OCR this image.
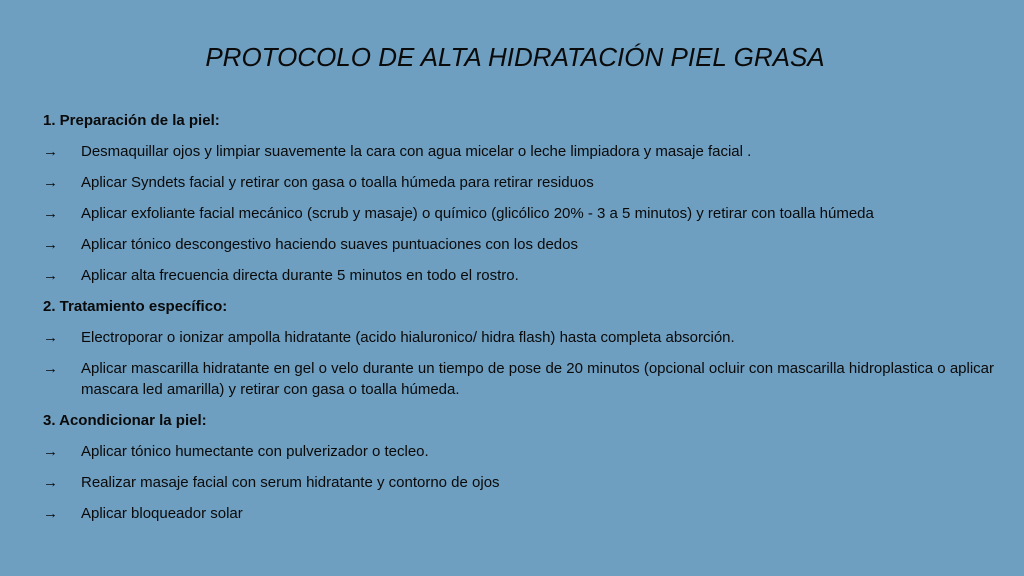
PROTOCOLO DE ALTA HIDRATACIÓN PIEL GRASA
1. Preparación de la piel:
→	Desmaquillar ojos y limpiar suavemente la cara con agua micelar o leche limpiadora y masaje facial .
→	Aplicar Syndets facial y retirar con gasa o toalla húmeda para retirar residuos
→	Aplicar exfoliante facial mecánico (scrub y masaje) o químico (glicólico 20% - 3 a 5 minutos) y retirar con toalla húmeda
→	Aplicar tónico descongestivo haciendo suaves puntuaciones con los dedos
→	Aplicar alta frecuencia directa durante 5 minutos en todo el rostro.
2. Tratamiento específico:
→	Electroporar o ionizar ampolla hidratante (acido hialuronico/ hidra flash) hasta completa absorción.
→	Aplicar mascarilla hidratante en gel o velo durante un tiempo de pose de 20 minutos (opcional ocluir con mascarilla hidroplastica o aplicar mascara led amarilla) y retirar con gasa o toalla húmeda.
3. Acondicionar la piel:
→	Aplicar tónico humectante con pulverizador o tecleo.
→	Realizar masaje facial con serum hidratante y contorno de ojos
→	Aplicar bloqueador solar
